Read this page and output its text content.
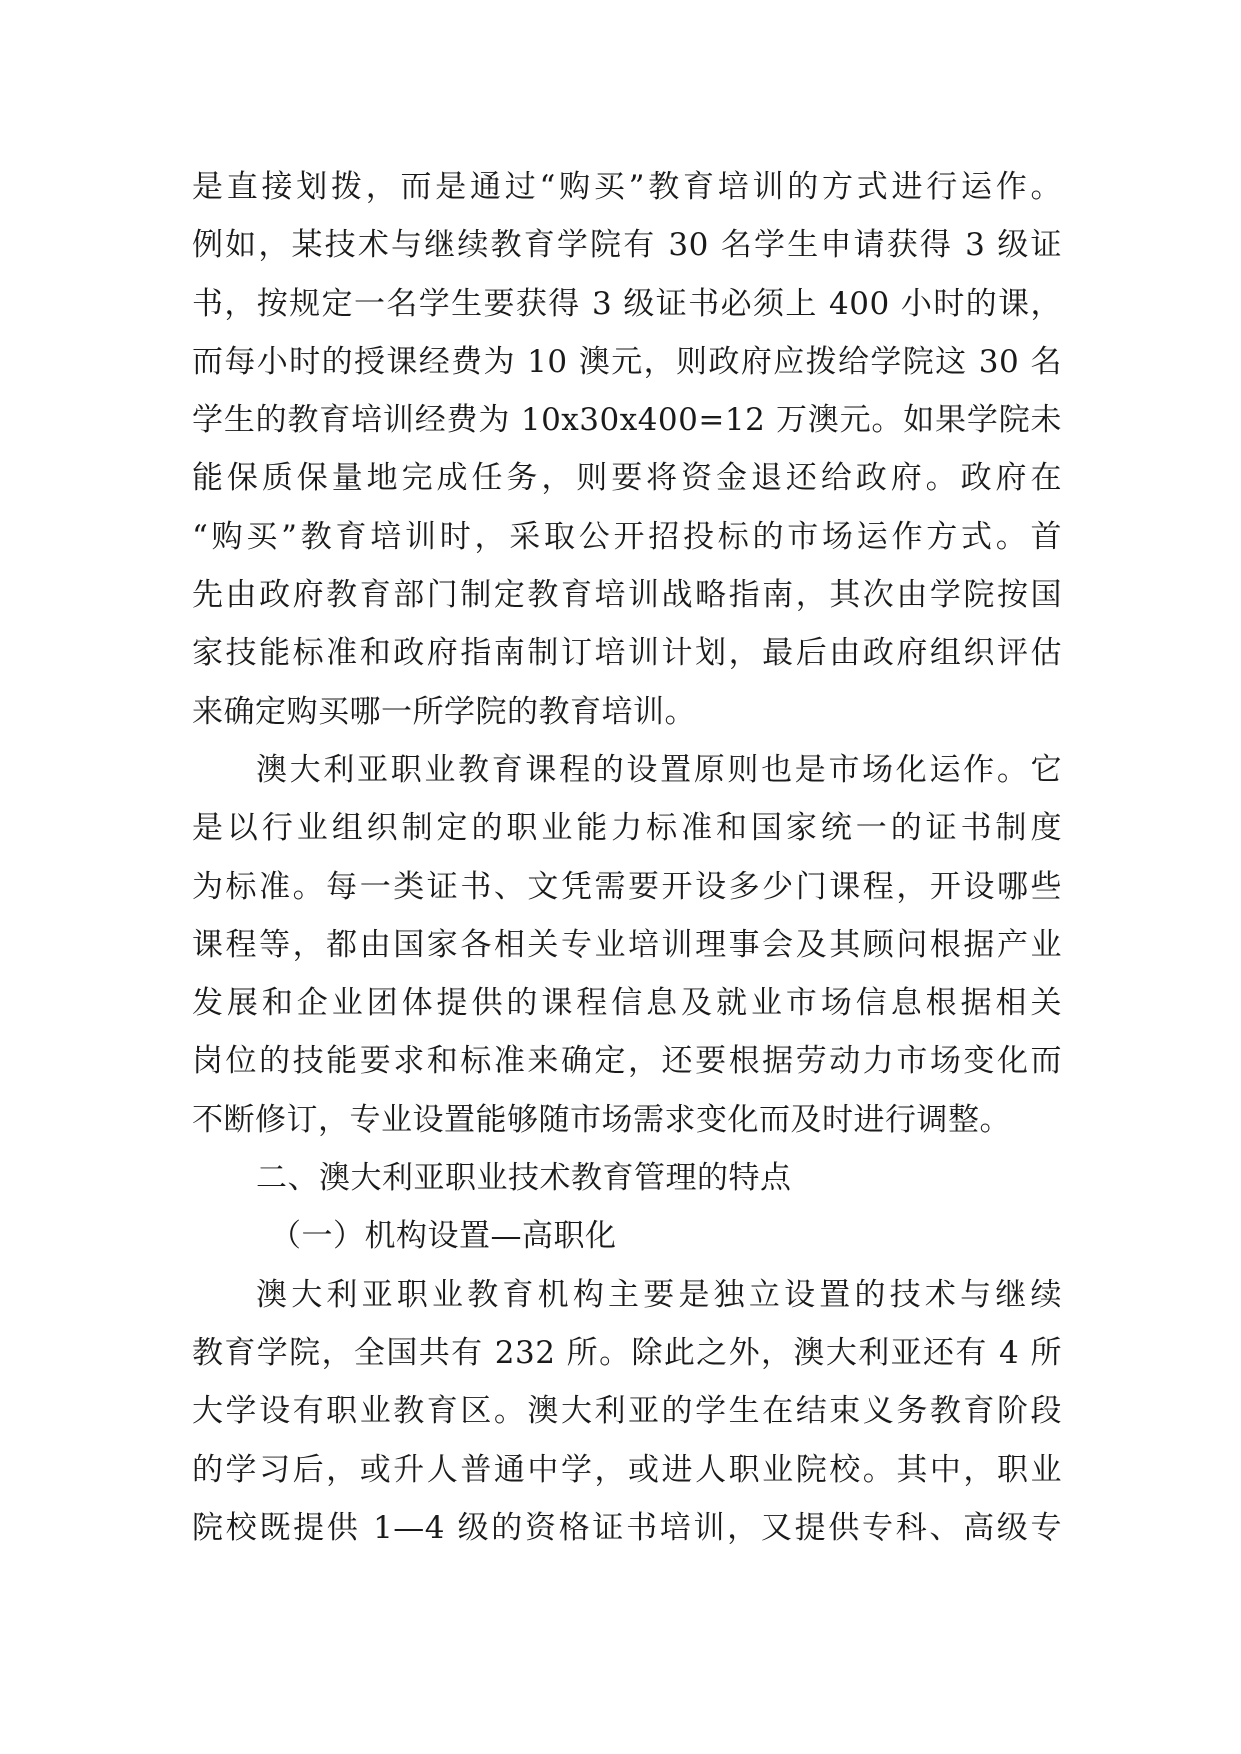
是直接划拨，而是通过“购买”教育培训的方式进行运作。
例如，某技术与继续教育学院有 30 名学生申请获得 3 级证
书，按规定一名学生要获得 3 级证书必须上 400 小时的课，
而每小时的授课经费为 10 澳元，则政府应拨给学院这 30 名
学生的教育培训经费为 10x30x400=12 万澳元。如果学院未
能保质保量地完成任务，则要将资金退还给政府。政府在
“购买”教育培训时，采取公开招投标的市场运作方式。首
先由政府教育部门制定教育培训战略指南，其次由学院按国
家技能标准和政府指南制订培训计划，最后由政府组织评估
来确定购买哪一所学院的教育培训。
澳大利亚职业教育课程的设置原则也是市场化运作。它
是以行业组织制定的职业能力标准和国家统一的证书制度
为标准。每一类证书、文凭需要开设多少门课程，开设哪些
课程等，都由国家各相关专业培训理事会及其顾问根据产业
发展和企业团体提供的课程信息及就业市场信息根据相关
岗位的技能要求和标准来确定，还要根据劳动力市场变化而
不断修订，专业设置能够随市场需求变化而及时进行调整。
二、澳大利亚职业技术教育管理的特点
（一）机构设置—高职化
澳大利亚职业教育机构主要是独立设置的技术与继续
教育学院，全国共有 232 所。除此之外，澳大利亚还有 4 所
大学设有职业教育区。澳大利亚的学生在结束义务教育阶段
的学习后，或升人普通中学，或进人职业院校。其中，职业
院校既提供 1—4 级的资格证书培训，又提供专科、高级专
